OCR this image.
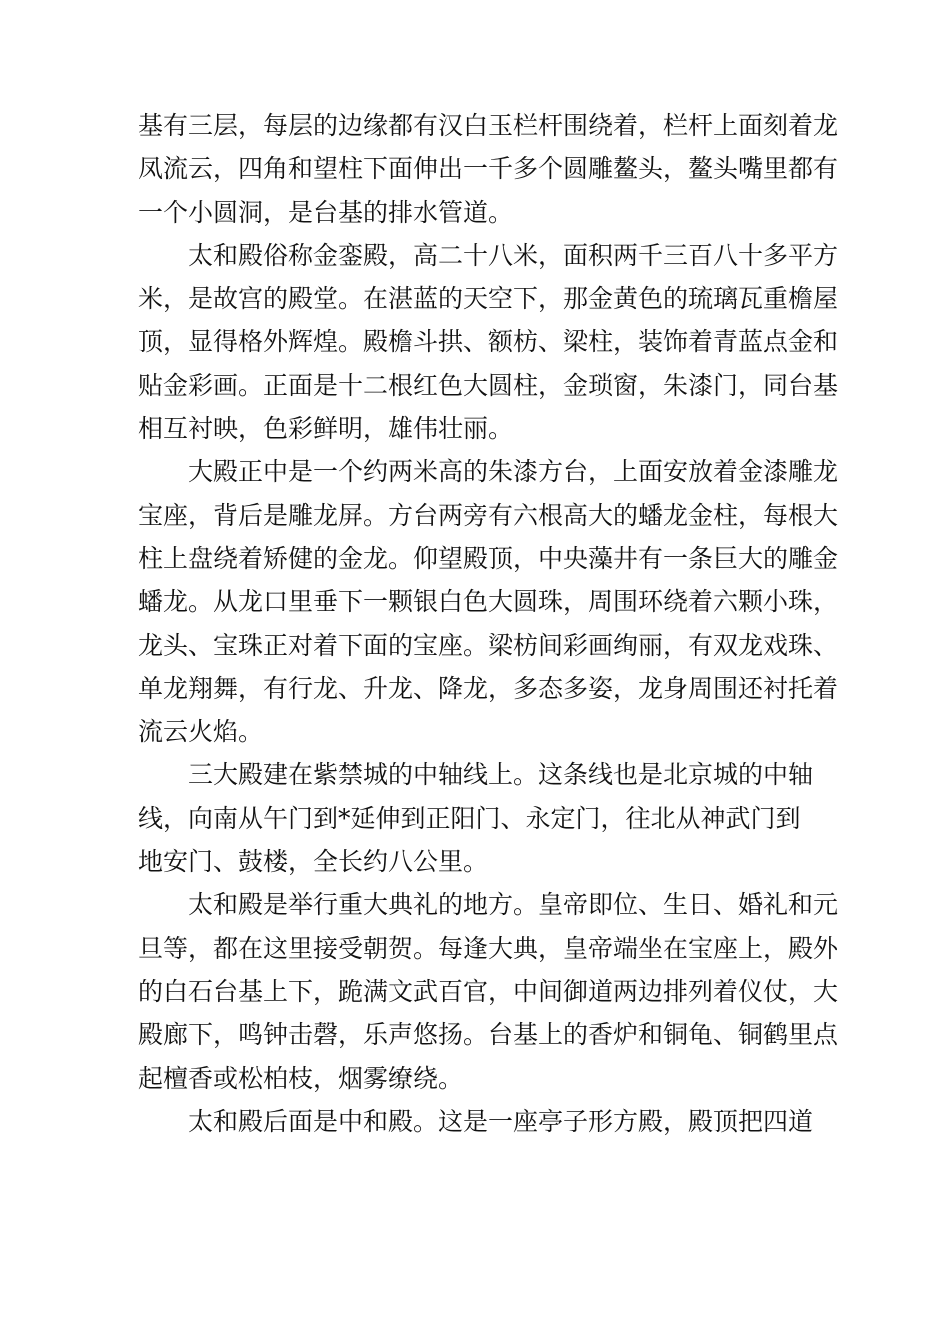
基有三层，每层的边缘都有汉白玉栏杆围绕着，栏杆上面刻着龙凤流云，四角和望柱下面伸出一千多个圆雕鳌头，鳌头嘴里都有一个小圆洞，是台基的排水管道。

太和殿俗称金銮殿，高二十八米，面积两千三百八十多平方米，是故宫的殿堂。在湛蓝的天空下，那金黄色的琉璃瓦重檐屋顶，显得格外辉煌。殿檐斗拱、额枋、梁柱，装饰着青蓝点金和贴金彩画。正面是十二根红色大圆柱，金琐窗，朱漆门，同台基相互衬映，色彩鲜明，雄伟壮丽。

大殿正中是一个约两米高的朱漆方台，上面安放着金漆雕龙宝座，背后是雕龙屏。方台两旁有六根高大的蟠龙金柱，每根大柱上盘绕着矫健的金龙。仰望殿顶，中央藻井有一条巨大的雕金蟠龙。从龙口里垂下一颗银白色大圆珠，周围环绕着六颗小珠，龙头、宝珠正对着下面的宝座。梁枋间彩画绚丽，有双龙戏珠、单龙翔舞，有行龙、升龙、降龙，多态多姿，龙身周围还衬托着流云火焰。

三大殿建在紫禁城的中轴线上。这条线也是北京城的中轴
线，向南从午门到*延伸到正阳门、永定门，往北从神武门到
地安门、鼓楼，全长约八公里。

太和殿是举行重大典礼的地方。皇帝即位、生日、婚礼和元旦等，都在这里接受朝贺。每逢大典，皇帝端坐在宝座上，殿外的白石台基上下，跪满文武百官，中间御道两边排列着仪仗，大殿廊下，鸣钟击磬，乐声悠扬。台基上的香炉和铜龟、铜鹤里点起檀香或松柏枝，烟雾缭绕。

太和殿后面是中和殿。这是一座亭子形方殿，殿顶把四道
